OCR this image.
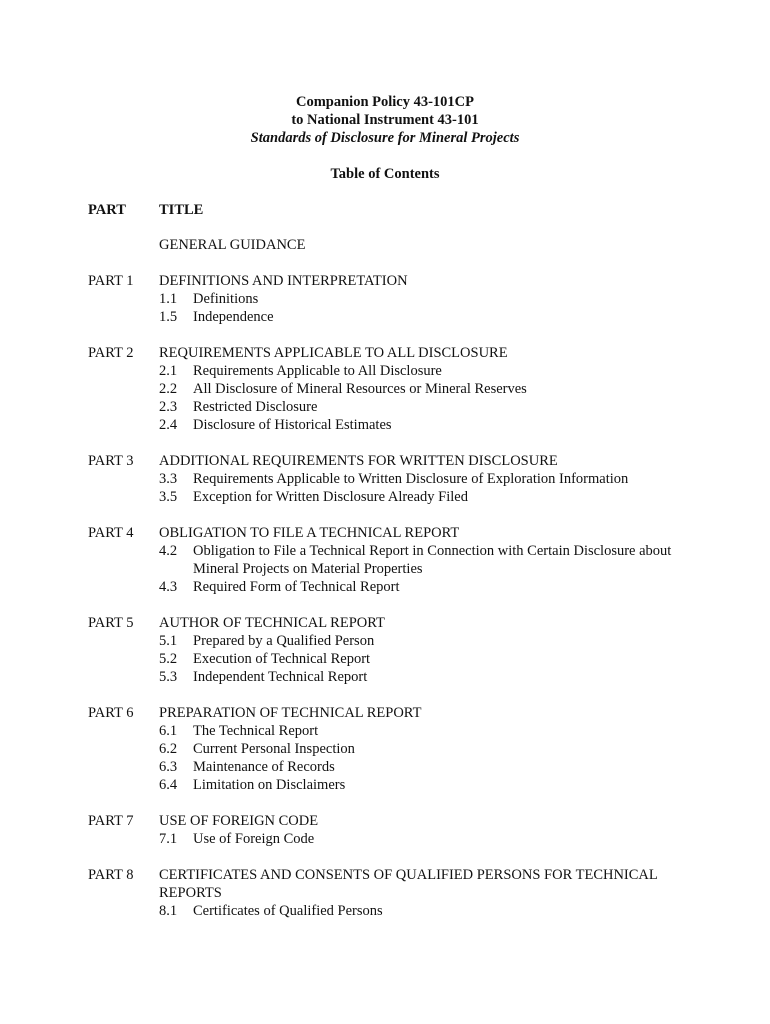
Companion Policy 43-101CP
to National Instrument 43-101
Standards of Disclosure for Mineral Projects
Table of Contents
PART TITLE
GENERAL GUIDANCE
PART 1	DEFINITIONS AND INTERPRETATION
1.1	Definitions
1.5	Independence
PART 2	REQUIREMENTS APPLICABLE TO ALL DISCLOSURE
2.1	Requirements Applicable to All Disclosure
2.2	All Disclosure of Mineral Resources or Mineral Reserves
2.3	Restricted Disclosure
2.4	Disclosure of Historical Estimates
PART 3	ADDITIONAL REQUIREMENTS FOR WRITTEN DISCLOSURE
3.3	Requirements Applicable to Written Disclosure of Exploration Information
3.5	Exception for Written Disclosure Already Filed
PART 4	OBLIGATION TO FILE A TECHNICAL REPORT
4.2	Obligation to File a Technical Report in Connection with Certain Disclosure about Mineral Projects on Material Properties
4.3	Required Form of Technical Report
PART 5	AUTHOR OF TECHNICAL REPORT
5.1	Prepared by a Qualified Person
5.2	Execution of Technical Report
5.3	Independent Technical Report
PART 6	PREPARATION OF TECHNICAL REPORT
6.1	The Technical Report
6.2	Current Personal Inspection
6.3	Maintenance of Records
6.4	Limitation on Disclaimers
PART 7	USE OF FOREIGN CODE
7.1	Use of Foreign Code
PART 8	CERTIFICATES AND CONSENTS OF QUALIFIED PERSONS FOR TECHNICAL REPORTS
8.1	Certificates of Qualified Persons
